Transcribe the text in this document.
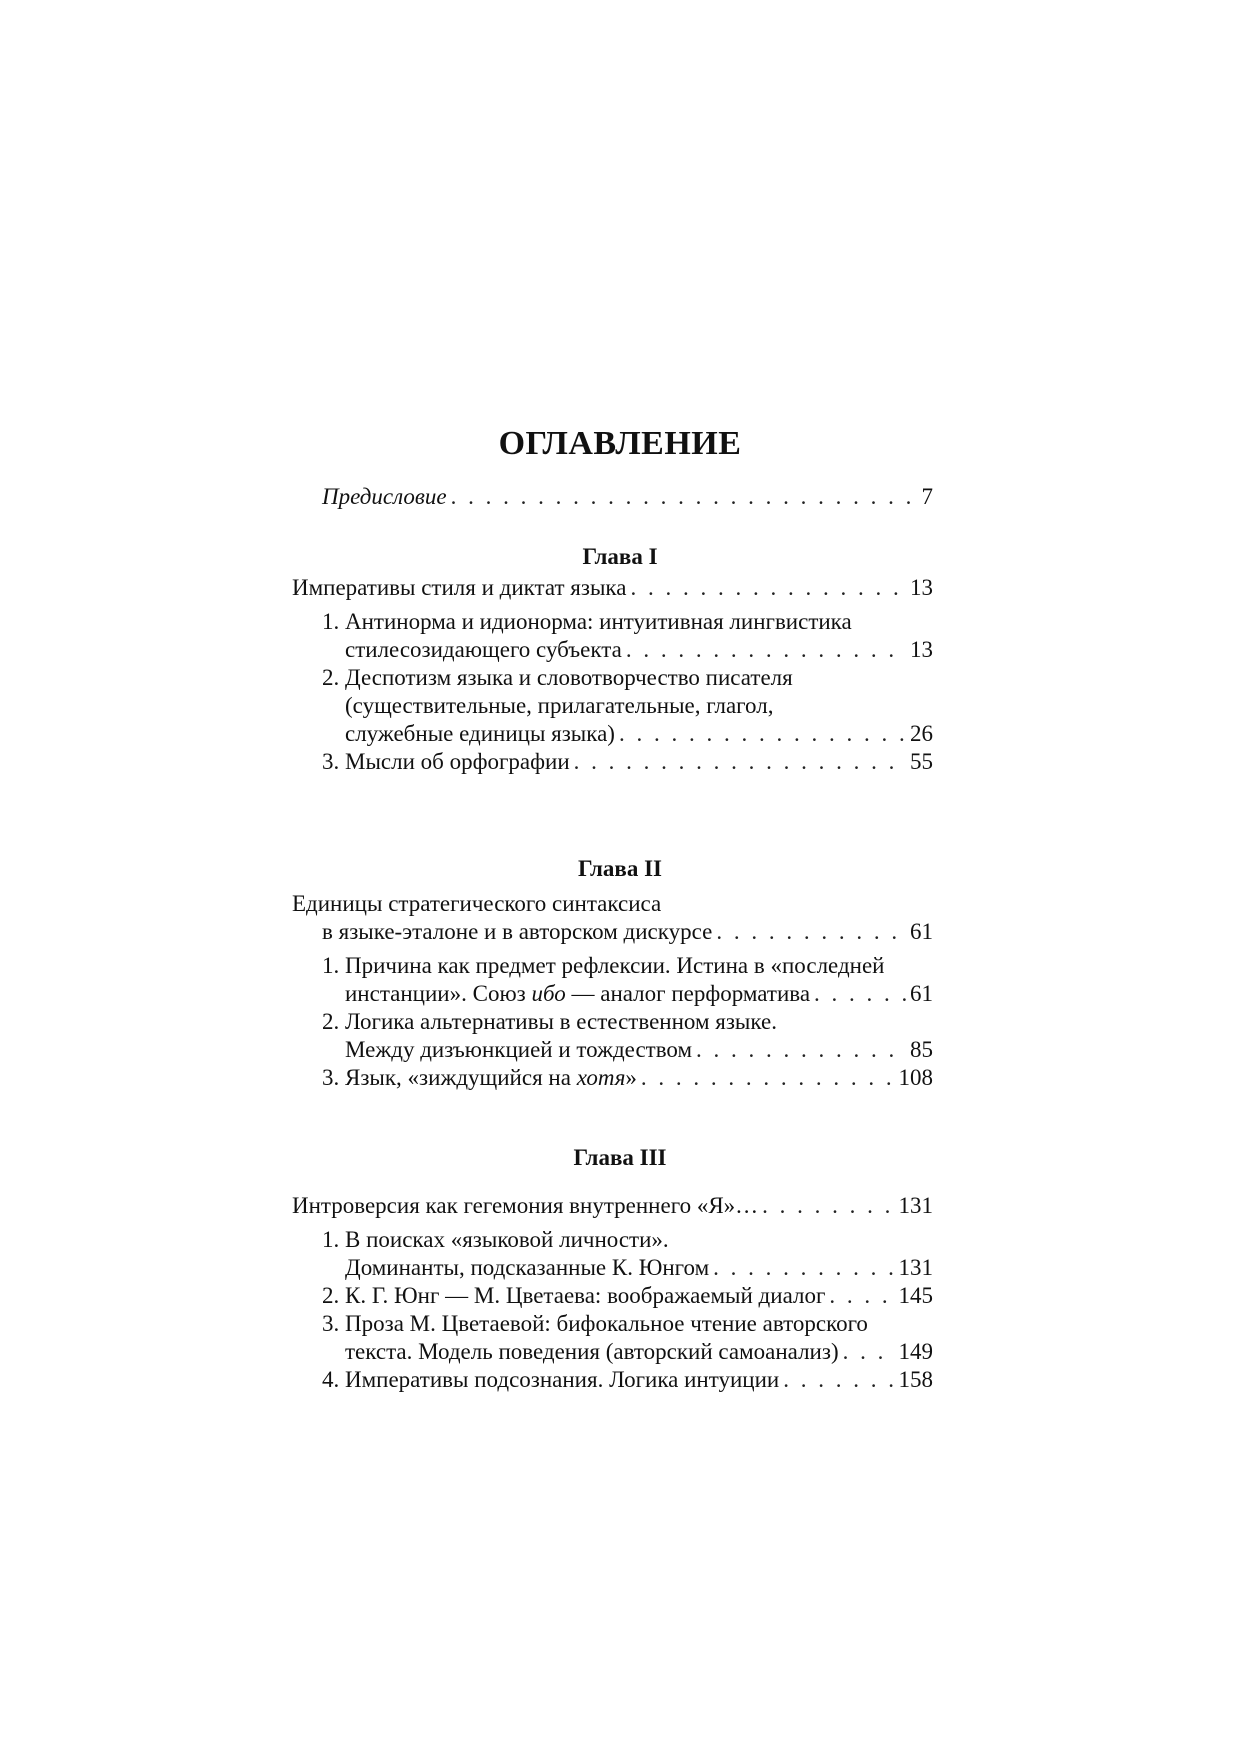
ОГЛАВЛЕНИЕ
Предисловие . . .	7
Глава I
Императивы стиля и диктат языка . . .	13
1. Антинорма и идионорма: интуитивная лингвистика
стилесозидающего субъекта . . .	13
2. Деспотизм языка и словотворчество писателя
(существительные, прилагательные, глагол,
служебные единицы языка) . . .	26
3. Мысли об орфографии . . .	55
Глава II
Единицы стратегического синтаксиса
в языке-эталоне и в авторском дискурсе . . .	61
1. Причина как предмет рефлексии. Истина в «последней
инстанции». Союз ибо — аналог перформатива . . .	61
2. Логика альтернативы в естественном языке.
Между дизъюнкцией и тождеством . . .	85
3. Язык, «зиждущийся на хотя» . . .	108
Глава III
Интроверсия как гегемония внутреннего «Я»… . . .	131
1. В поисках «языковой личности».
Доминанты, подсказанные К. Юнгом . . .	131
2. К. Г. Юнг — М. Цветаева: воображаемый диалог . . .	145
3. Проза М. Цветаевой: бифокальное чтение авторского
текста. Модель поведения (авторский самоанализ) . . .	149
4. Императивы подсознания. Логика интуиции . . .	158
